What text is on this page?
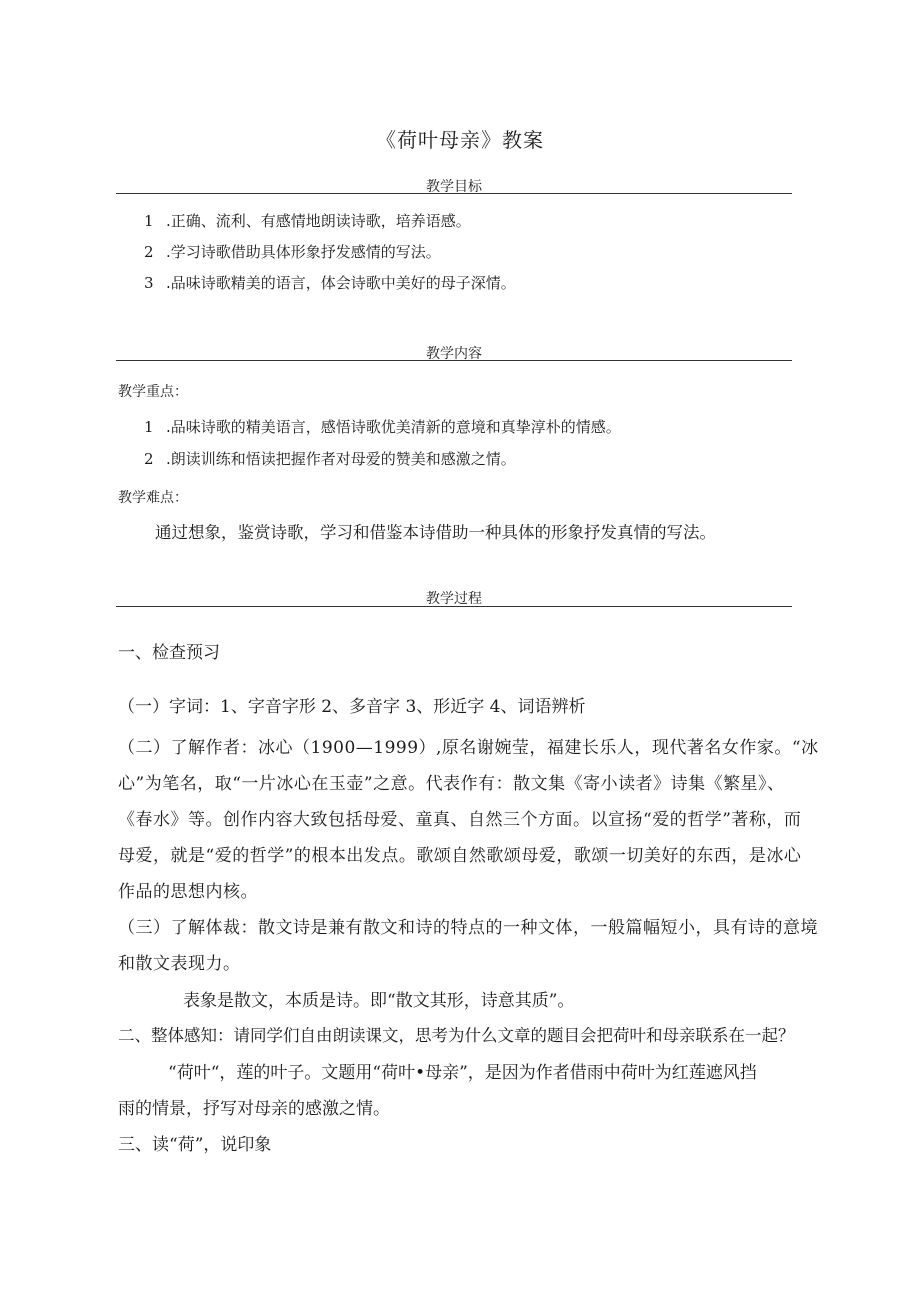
《荷叶母亲》教案
教学目标
1 .正确、流利、有感情地朗读诗歌，培养语感。
2 .学习诗歌借助具体形象抒发感情的写法。
3 .品味诗歌精美的语言，体会诗歌中美好的母子深情。
教学内容
教学重点：
1 .品味诗歌的精美语言，感悟诗歌优美清新的意境和真挚淳朴的情感。
2 .朗读训练和悟读把握作者对母爱的赞美和感激之情。
教学难点：
通过想象，鉴赏诗歌，学习和借鉴本诗借助一种具体的形象抒发真情的写法。
教学过程
一、检查预习
（一）字词：1、字音字形 2、多音字 3、形近字 4、词语辨析
（二）了解作者：冰心（1900—1999）,原名谢婉莹，福建长乐人，现代著名女作家。“冰
心”为笔名，取“一片冰心在玉壶”之意。代表作有：散文集《寄小读者》诗集《繁星》、
《春水》等。创作内容大致包括母爱、童真、自然三个方面。以宣扬“爱的哲学”著称，而
母爱，就是“爱的哲学”的根本出发点。歌颂自然歌颂母爱，歌颂一切美好的东西，是冰心
作品的思想内核。
（三）了解体裁：散文诗是兼有散文和诗的特点的一种文体，一般篇幅短小，具有诗的意境
和散文表现力。
表象是散文，本质是诗。即“散文其形，诗意其质”。
二、整体感知：请同学们自由朗读课文，思考为什么文章的题目会把荷叶和母亲联系在一起？
“荷叶“，莲的叶子。文题用“荷叶•母亲”，是因为作者借雨中荷叶为红莲遮风挡
雨的情景，抒写对母亲的感激之情。
三、读“荷”，说印象
